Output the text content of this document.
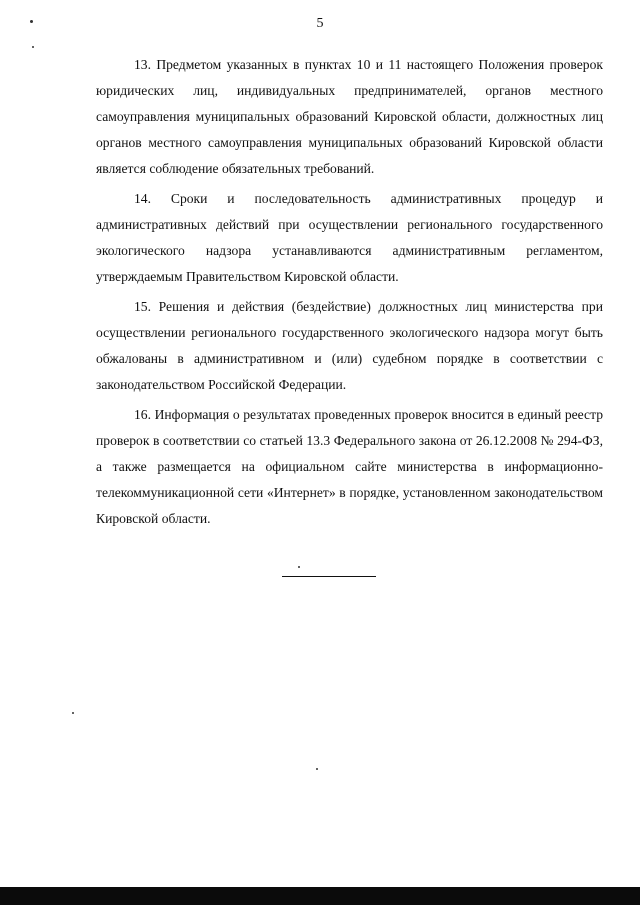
5

13. Предметом указанных в пунктах 10 и 11 настоящего Положения проверок юридических лиц, индивидуальных предпринимателей, органов местного самоуправления муниципальных образований Кировской области, должностных лиц органов местного самоуправления муниципальных образований Кировской области является соблюдение обязательных требований.

14. Сроки и последовательность административных процедур и административных действий при осуществлении регионального государственного экологического надзора устанавливаются административным регламентом, утверждаемым Правительством Кировской области.

15. Решения и действия (бездействие) должностных лиц министерства при осуществлении регионального государственного экологического надзора могут быть обжалованы в административном и (или) судебном порядке в соответствии с законодательством Российской Федерации.

16. Информация о результатах проведенных проверок вносится в единый реестр проверок в соответствии со статьей 13.3 Федерального закона от 26.12.2008 № 294-ФЗ, а также размещается на официальном сайте министерства в информационно-телекоммуникационной сети «Интернет» в порядке, установленном законодательством Кировской области.
